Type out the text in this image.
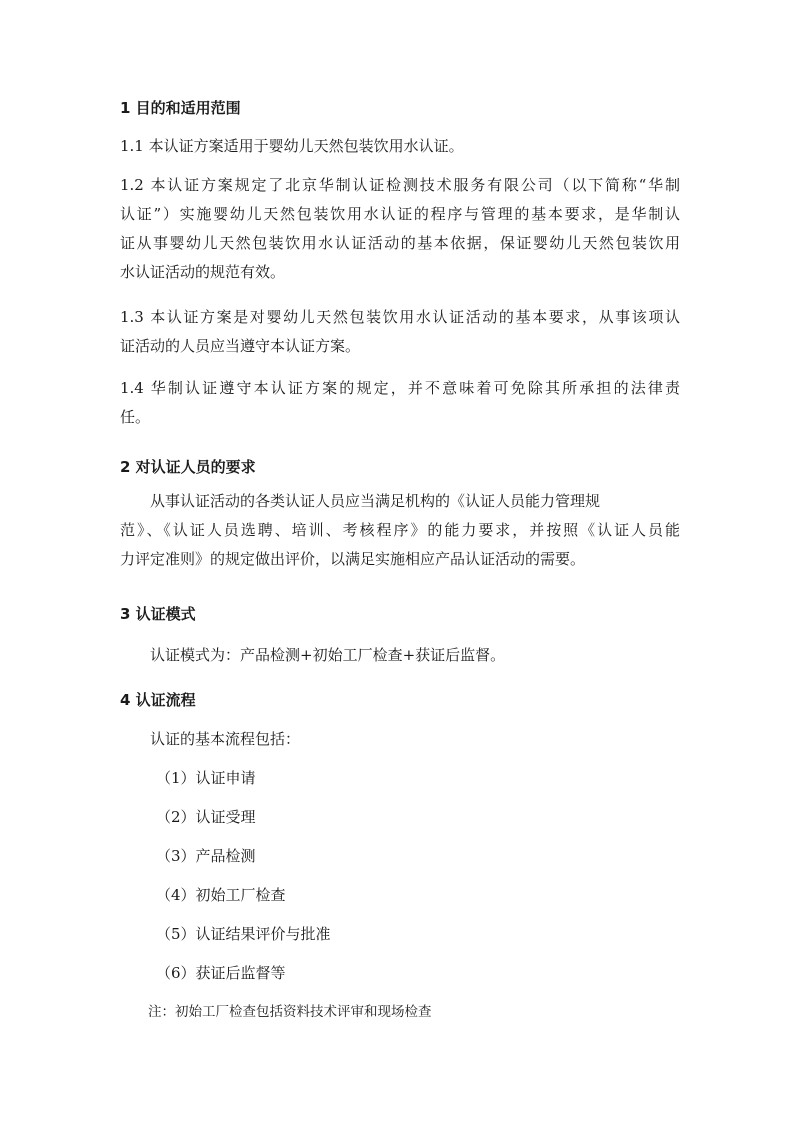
1 目的和适用范围

1.1 本认证方案适用于婴幼儿天然包装饮用水认证。

1.2 本认证方案规定了北京华制认证检测技术服务有限公司（以下简称“华制
认证”）实施婴幼儿天然包装饮用水认证的程序与管理的基本要求，是华制认
证从事婴幼儿天然包装饮用水认证活动的基本依据，保证婴幼儿天然包装饮用
水认证活动的规范有效。

1.3 本认证方案是对婴幼儿天然包装饮用水认证活动的基本要求，从事该项认
证活动的人员应当遵守本认证方案。

1.4 华制认证遵守本认证方案的规定，并不意味着可免除其所承担的法律责
任。

2 对认证人员的要求

从事认证活动的各类认证人员应当满足机构的《认证人员能力管理规
范》、《认证人员选聘、培训、考核程序》的能力要求，并按照《认证人员能
力评定准则》的规定做出评价，以满足实施相应产品认证活动的需要。

3 认证模式

认证模式为：产品检测+初始工厂检查+获证后监督。

4 认证流程

认证的基本流程包括：

（1）认证申请

（2）认证受理

（3）产品检测

（4）初始工厂检查

（5）认证结果评价与批准

（6）获证后监督等

注：初始工厂检查包括资料技术评审和现场检查
